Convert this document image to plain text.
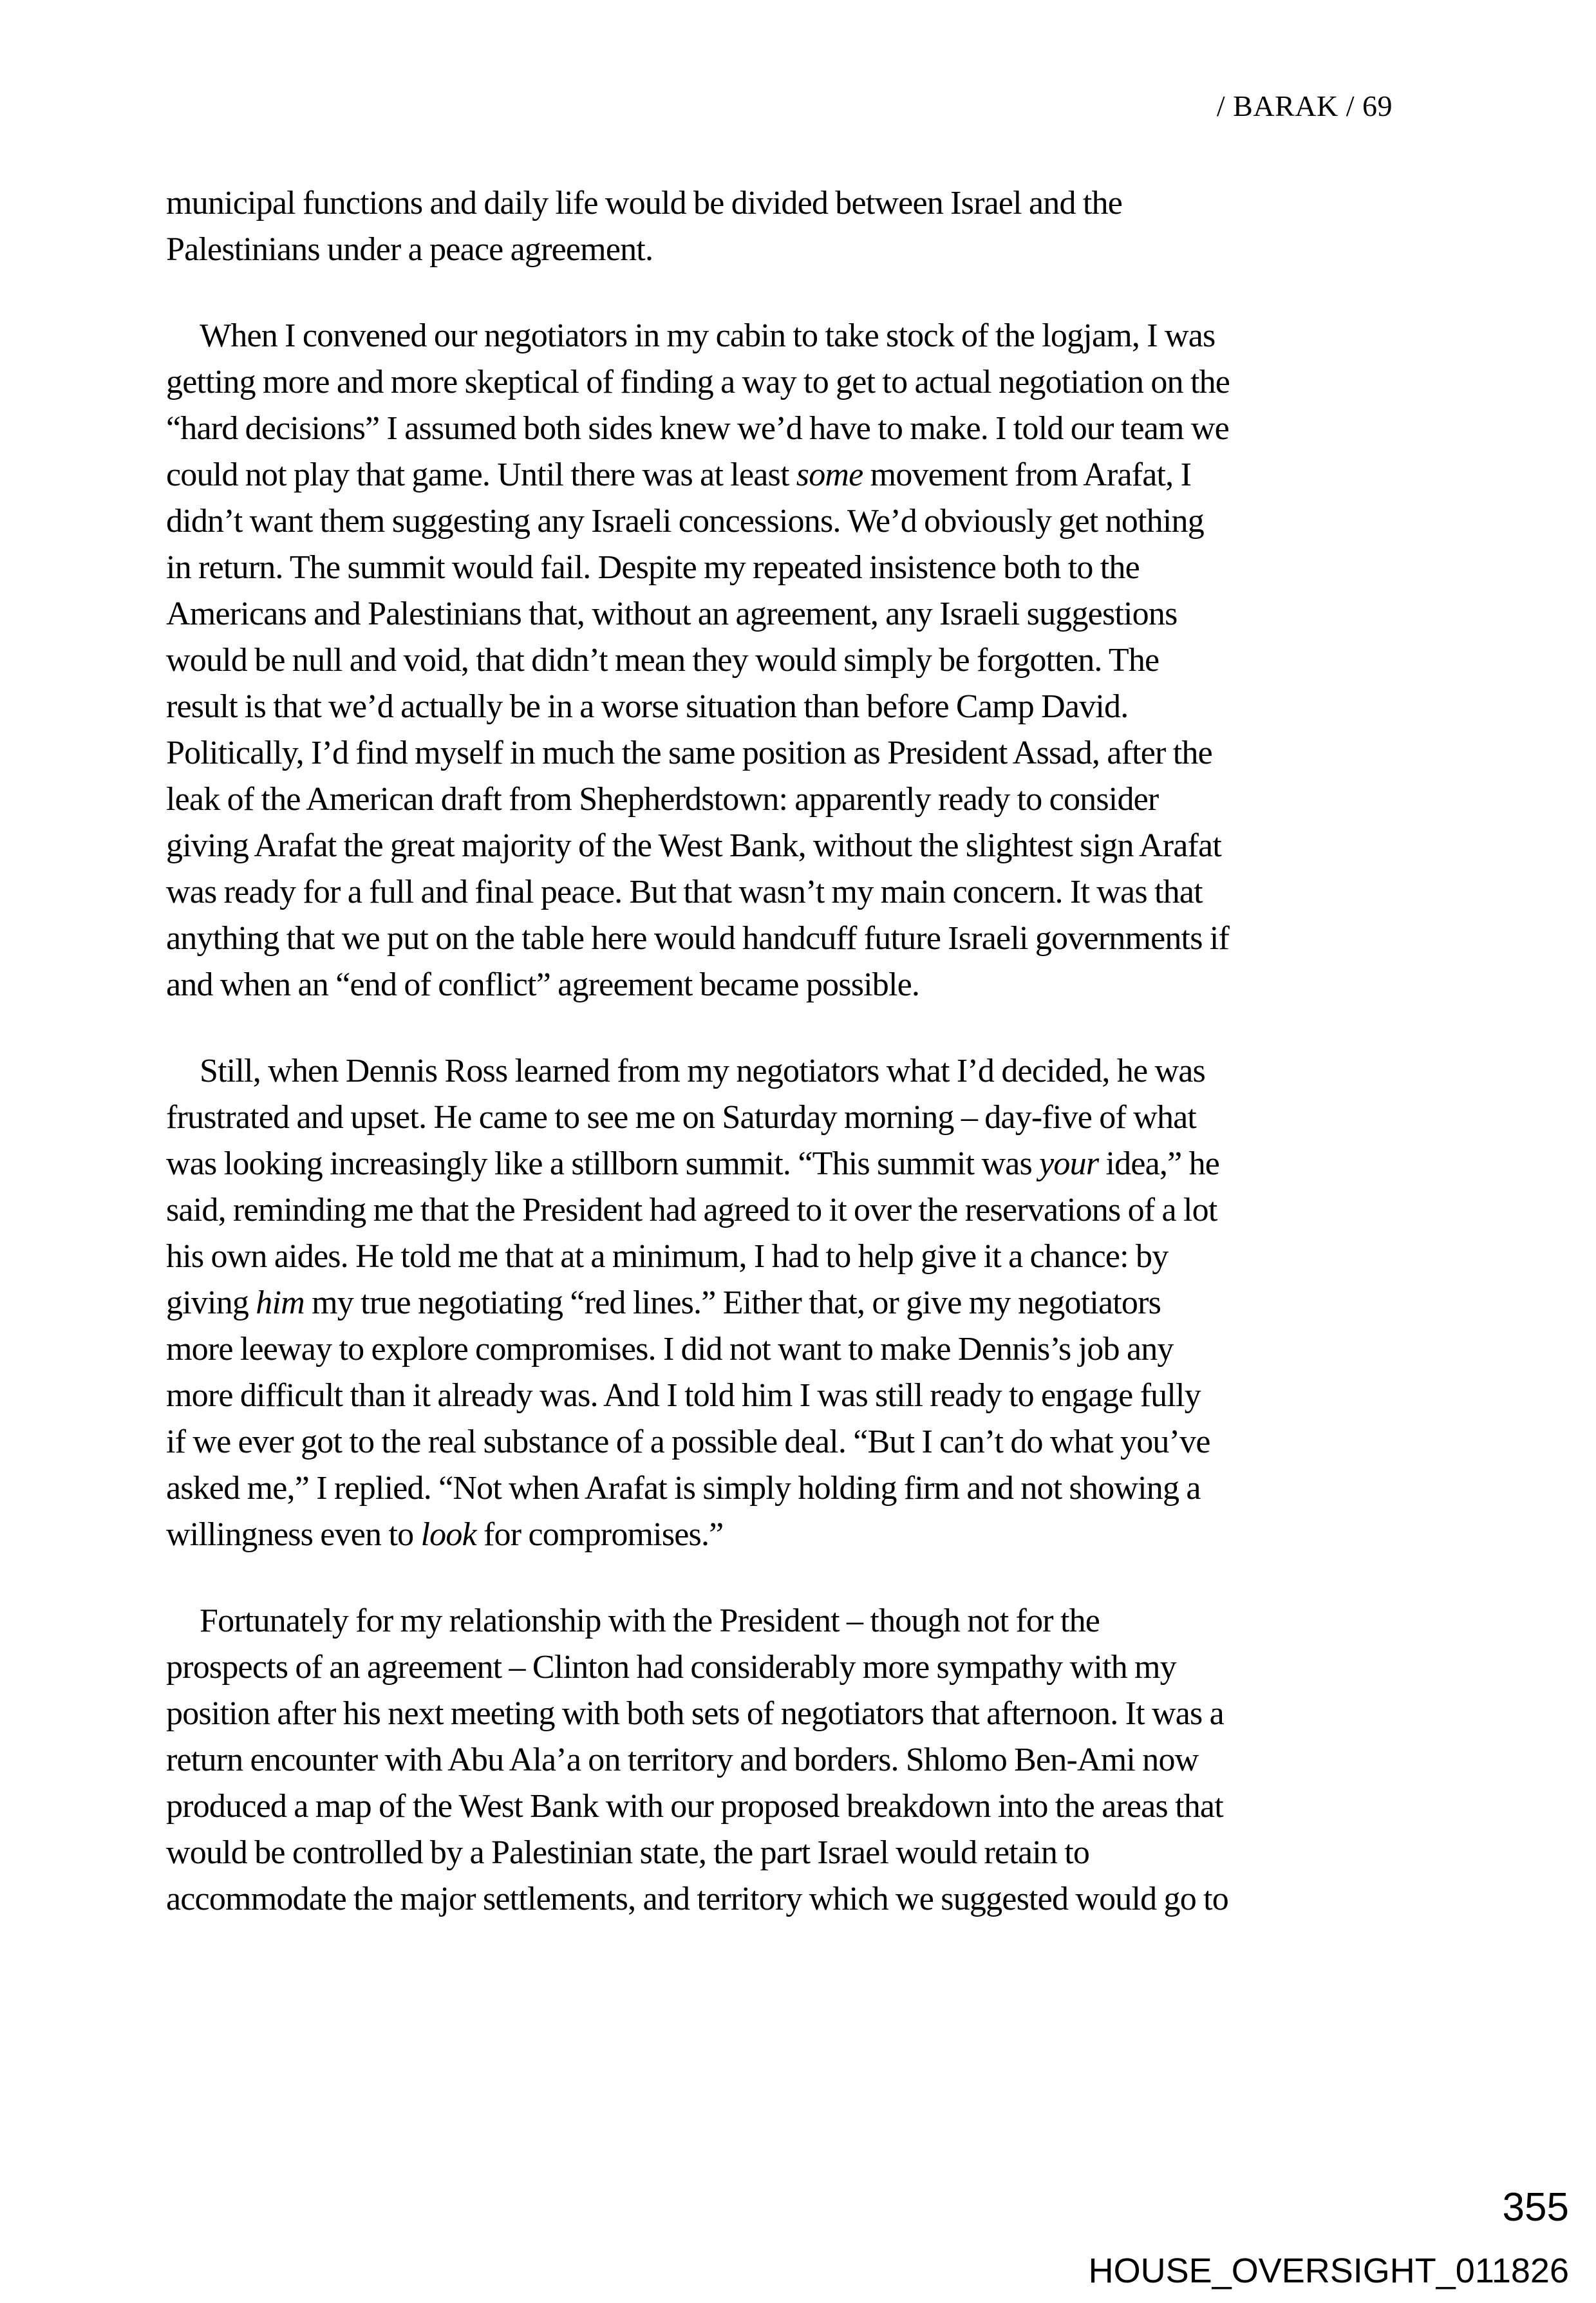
/ BARAK / 69

municipal functions and daily life would be divided between Israel and the
Palestinians under a peace agreement.

When I convened our negotiators in my cabin to take stock of the logjam, I was
getting more and more skeptical of finding a way to get to actual negotiation on the
“hard decisions” I assumed both sides knew we’d have to make. I told our team we
could not play that game. Until there was at least some movement from Arafat, I
didn’t want them suggesting any Israeli concessions. We’d obviously get nothing
in return. The summit would fail. Despite my repeated insistence both to the
Americans and Palestinians that, without an agreement, any Israeli suggestions
would be null and void, that didn’t mean they would simply be forgotten. The
result is that we’d actually be in a worse situation than before Camp David.
Politically, I’d find myself in much the same position as President Assad, after the
leak of the American draft from Shepherdstown: apparently ready to consider
giving Arafat the great majority of the West Bank, without the slightest sign Arafat
was ready for a full and final peace. But that wasn’t my main concern. It was that
anything that we put on the table here would handcuff future Israeli governments if
and when an “end of conflict” agreement became possible.

Still, when Dennis Ross learned from my negotiators what I’d decided, he was
frustrated and upset. He came to see me on Saturday morning – day-five of what
was looking increasingly like a stillborn summit. “This summit was your idea,” he
said, reminding me that the President had agreed to it over the reservations of a lot
his own aides. He told me that at a minimum, I had to help give it a chance: by
giving him my true negotiating “red lines.” Either that, or give my negotiators
more leeway to explore compromises. I did not want to make Dennis’s job any
more difficult than it already was. And I told him I was still ready to engage fully
if we ever got to the real substance of a possible deal. “But I can’t do what you’ve
asked me,” I replied. “Not when Arafat is simply holding firm and not showing a
willingness even to look for compromises.”

Fortunately for my relationship with the President – though not for the
prospects of an agreement – Clinton had considerably more sympathy with my
position after his next meeting with both sets of negotiators that afternoon. It was a
return encounter with Abu Ala’a on territory and borders. Shlomo Ben-Ami now
produced a map of the West Bank with our proposed breakdown into the areas that
would be controlled by a Palestinian state, the part Israel would retain to
accommodate the major settlements, and territory which we suggested would go to

355
HOUSE_OVERSIGHT_011826
